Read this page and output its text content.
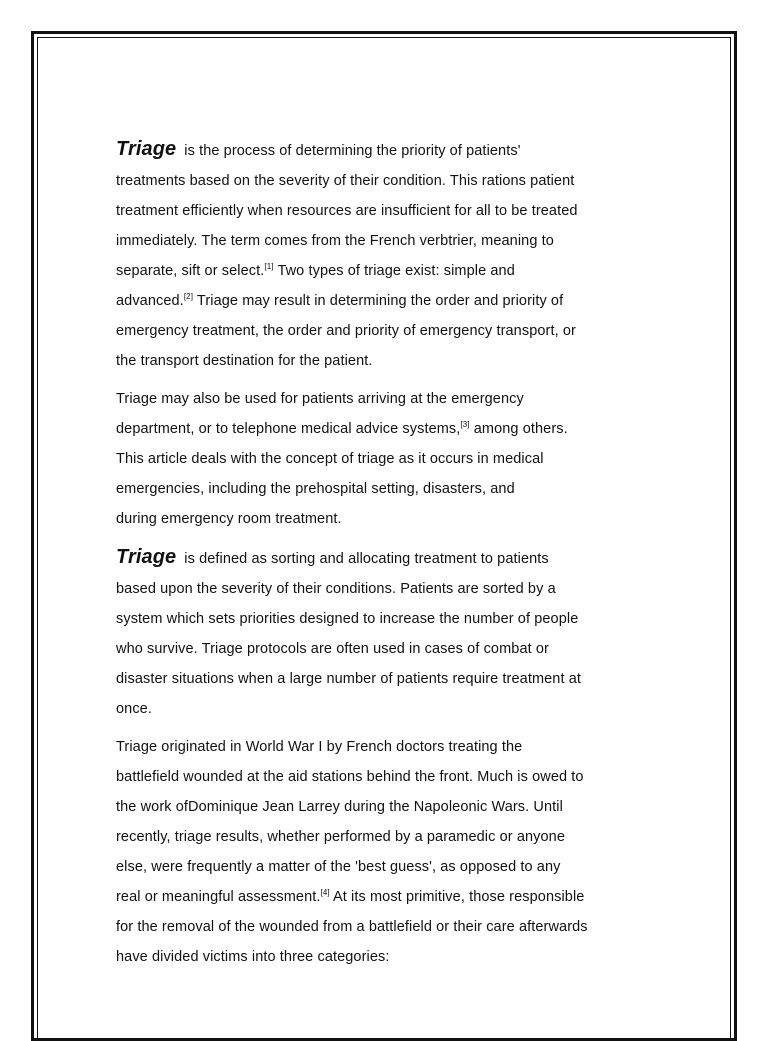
Triage is the process of determining the priority of patients'
treatments based on the severity of their condition. This rations patient
treatment efficiently when resources are insufficient for all to be treated
immediately. The term comes from the French verbtrier, meaning to
separate, sift or select.[1] Two types of triage exist: simple and
advanced.[2] Triage may result in determining the order and priority of
emergency treatment, the order and priority of emergency transport, or
the transport destination for the patient.

Triage may also be used for patients arriving at the emergency
department, or to telephone medical advice systems,[3] among others.
This article deals with the concept of triage as it occurs in medical
emergencies, including the prehospital setting, disasters, and
during emergency room treatment.

Triage is defined as sorting and allocating treatment to patients
based upon the severity of their conditions. Patients are sorted by a
system which sets priorities designed to increase the number of people
who survive. Triage protocols are often used in cases of combat or
disaster situations when a large number of patients require treatment at
once.

Triage originated in World War I by French doctors treating the
battlefield wounded at the aid stations behind the front. Much is owed to
the work ofDominique Jean Larrey during the Napoleonic Wars. Until
recently, triage results, whether performed by a paramedic or anyone
else, were frequently a matter of the 'best guess', as opposed to any
real or meaningful assessment.[4] At its most primitive, those responsible
for the removal of the wounded from a battlefield or their care afterwards
have divided victims into three categories:
